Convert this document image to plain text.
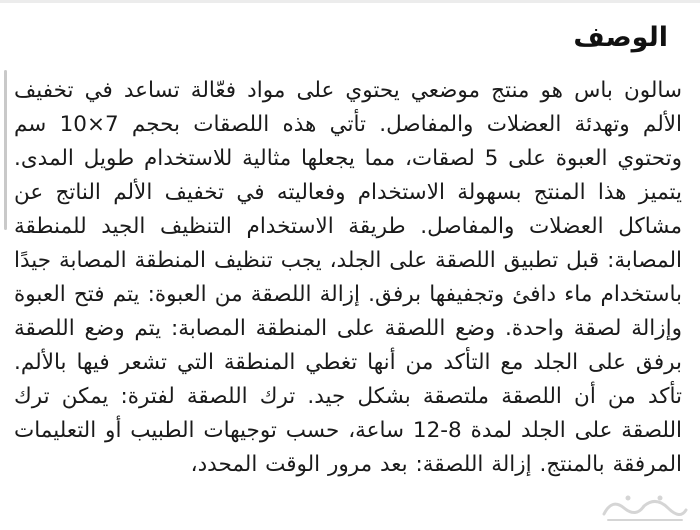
الوصف

سالون باس هو منتج موضعي يحتوي على مواد فعّالة تساعد في تخفيف الألم وتهدئة العضلات والمفاصل. تأتي هذه اللصقات بحجم 7×10 سم وتحتوي العبوة على 5 لصقات، مما يجعلها مثالية للاستخدام طويل المدى. يتميز هذا المنتج بسهولة الاستخدام وفعاليته في تخفيف الألم الناتج عن مشاكل العضلات والمفاصل. طريقة الاستخدام التنظيف الجيد للمنطقة المصابة: قبل تطبيق اللصقة على الجلد، يجب تنظيف المنطقة المصابة جيدًا باستخدام ماء دافئ وتجفيفها برفق. إزالة اللصقة من العبوة: يتم فتح العبوة وإزالة لصقة واحدة. وضع اللصقة على المنطقة المصابة: يتم وضع اللصقة برفق على الجلد مع التأكد من أنها تغطي المنطقة التي تشعر فيها بالألم. تأكد من أن اللصقة ملتصقة بشكل جيد. ترك اللصقة لفترة: يمكن ترك اللصقة على الجلد لمدة 8-12 ساعة، حسب توجيهات الطبيب أو التعليمات المرفقة بالمنتج. إزالة اللصقة: بعد مرور الوقت المحدد،
